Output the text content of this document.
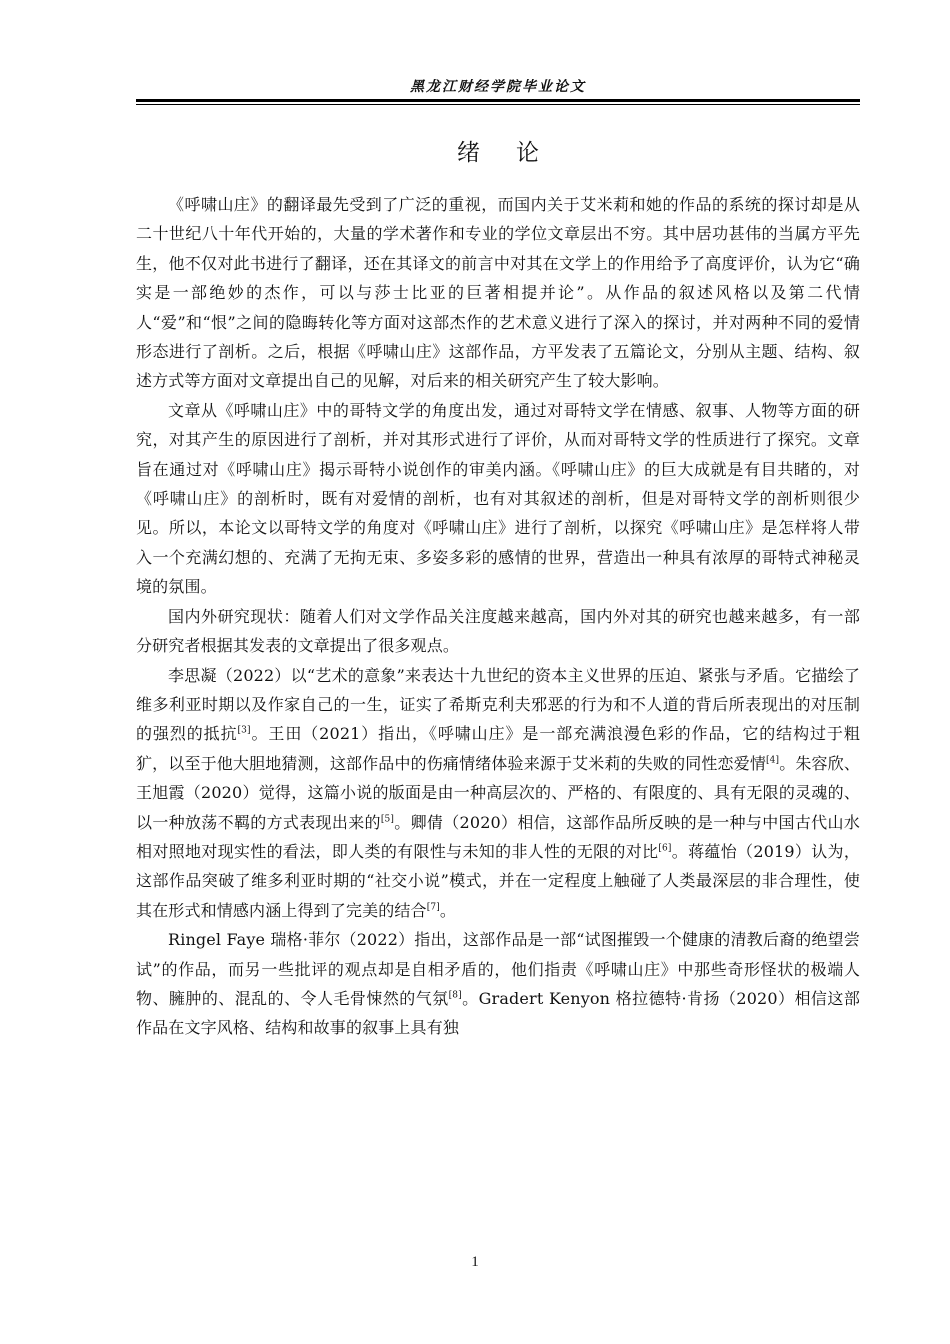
黑龙江财经学院毕业论文
绪论

《呼啸山庄》的翻译最先受到了广泛的重视，而国内关于艾米莉和她的作品的系统的探讨却是从二十世纪八十年代开始的，大量的学术著作和专业的学位文章层出不穷。其中居功甚伟的当属方平先生，他不仅对此书进行了翻译，还在其译文的前言中对其在文学上的作用给予了高度评价，认为它“确实是一部绝妙的杰作，可以与莎士比亚的巨著相提并论”。从作品的叙述风格以及第二代情人“爱”和“恨”之间的隐晦转化等方面对这部杰作的艺术意义进行了深入的探讨，并对两种不同的爱情形态进行了剖析。之后，根据《呼啸山庄》这部作品，方平发表了五篇论文，分别从主题、结构、叙述方式等方面对文章提出自己的见解，对后来的相关研究产生了较大影响。

文章从《呼啸山庄》中的哥特文学的角度出发，通过对哥特文学在情感、叙事、人物等方面的研究，对其产生的原因进行了剖析，并对其形式进行了评价，从而对哥特文学的性质进行了探究。文章旨在通过对《呼啸山庄》揭示哥特小说创作的审美内涵。《呼啸山庄》的巨大成就是有目共睹的，对《呼啸山庄》的剖析时，既有对爱情的剖析，也有对其叙述的剖析，但是对哥特文学的剖析则很少见。所以，本论文以哥特文学的角度对《呼啸山庄》进行了剖析，以探究《呼啸山庄》是怎样将人带入一个充满幻想的、充满了无拘无束、多姿多彩的感情的世界，营造出一种具有浓厚的哥特式神秘灵境的氛围。

国内外研究现状：随着人们对文学作品关注度越来越高，国内外对其的研究也越来越多，有一部分研究者根据其发表的文章提出了很多观点。

李思凝（2022）以“艺术的意象”来表达十九世纪的资本主义世界的压迫、紧张与矛盾。它描绘了维多利亚时期以及作家自己的一生，证实了希斯克利夫邪恶的行为和不人道的背后所表现出的对压制的强烈的抵抗[3]。王田（2021）指出，《呼啸山庄》是一部充满浪漫色彩的作品，它的结构过于粗犷，以至于他大胆地猜测，这部作品中的伤痛情绪体验来源于艾米莉的失败的同性恋爱情[4]。朱容欣、王旭霞（2020）觉得，这篇小说的版面是由一种高层次的、严格的、有限度的、具有无限的灵魂的、以一种放荡不羁的方式表现出来的[5]。卿倩（2020）相信，这部作品所反映的是一种与中国古代山水相对照地对现实性的看法，即人类的有限性与未知的非人性的无限的对比[6]。蒋蕴怡（2019）认为，这部作品突破了维多利亚时期的“社交小说”模式，并在一定程度上触碰了人类最深层的非合理性，使其在形式和情感内涵上得到了完美的结合[7]。

Ringel Faye 瑞格·菲尔（2022）指出，这部作品是一部“试图摧毁一个健康的清教后裔的绝望尝试”的作品，而另一些批评的观点却是自相矛盾的，他们指责《呼啸山庄》中那些奇形怪状的极端人物、臃肿的、混乱的、令人毛骨悚然的气氛[8]。Gradert Kenyon 格拉德特·肯扬（2020）相信这部作品在文字风格、结构和故事的叙事上具有独

1
